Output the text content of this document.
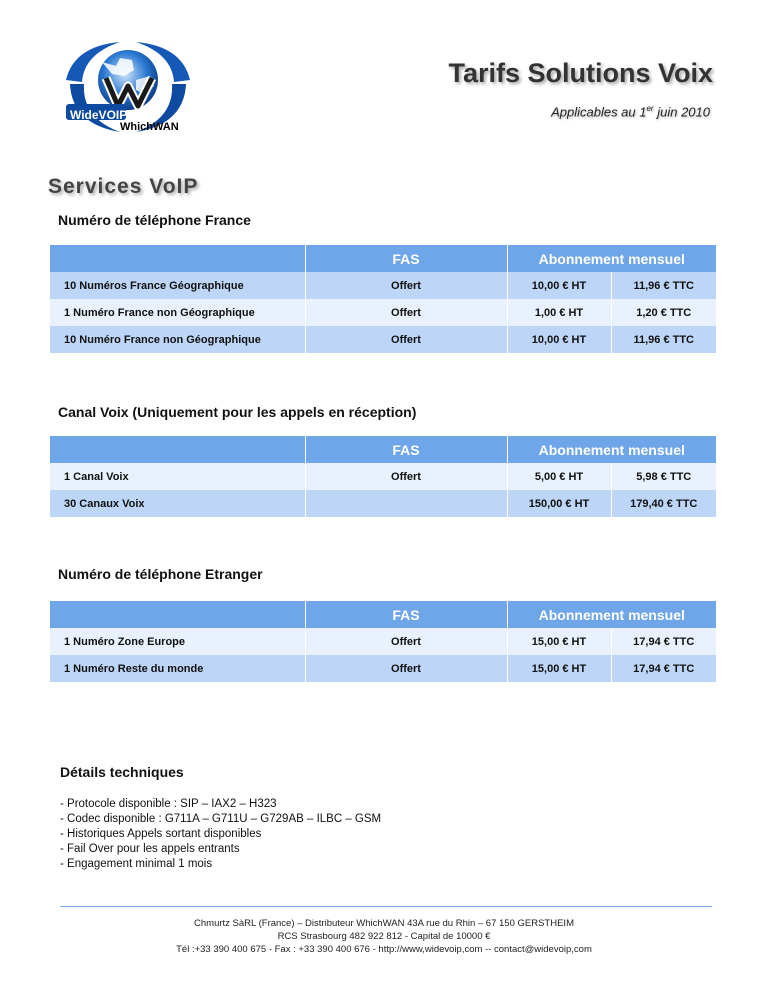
WideVOIP
WhichWAN
Tarifs Solutions Voix
Applicables au 1er juin 2010
Services VoIP
Numéro de téléphone France
	FAS	Abonnement mensuel	
10 Numéros France Géographique	Offert	10,00 € HT	11,96 € TTC
1 Numéro France non Géographique	Offert	1,00 € HT	1,20 € TTC
10 Numéro France non Géographique	Offert	10,00 € HT	11,96 € TTC
Canal Voix (Uniquement pour les appels en réception)
	FAS	Abonnement mensuel	
1 Canal Voix	Offert	5,00 € HT	5,98 € TTC
30 Canaux Voix		150,00 € HT	179,40 € TTC
Numéro de téléphone Etranger
	FAS	Abonnement mensuel	
1 Numéro Zone Europe	Offert	15,00 € HT	17,94 € TTC
1 Numéro Reste du monde	Offert	15,00 € HT	17,94 € TTC
Détails techniques
- Protocole disponible : SIP – IAX2 – H323
- Codec disponible : G711A – G711U – G729AB – ILBC – GSM
- Historiques Appels sortant disponibles
- Fail Over pour les appels entrants
- Engagement minimal 1 mois
Chmurtz SàRL (France) – Distributeur WhichWAN 43A rue du Rhin – 67 150 GERSTHEIM
RCS Strasbourg 482 922 812 - Capital de 10000 €
Tél :+33 390 400 675 - Fax : +33 390 400 676 - http://www,widevoip,com -- contact@widevoip,com
